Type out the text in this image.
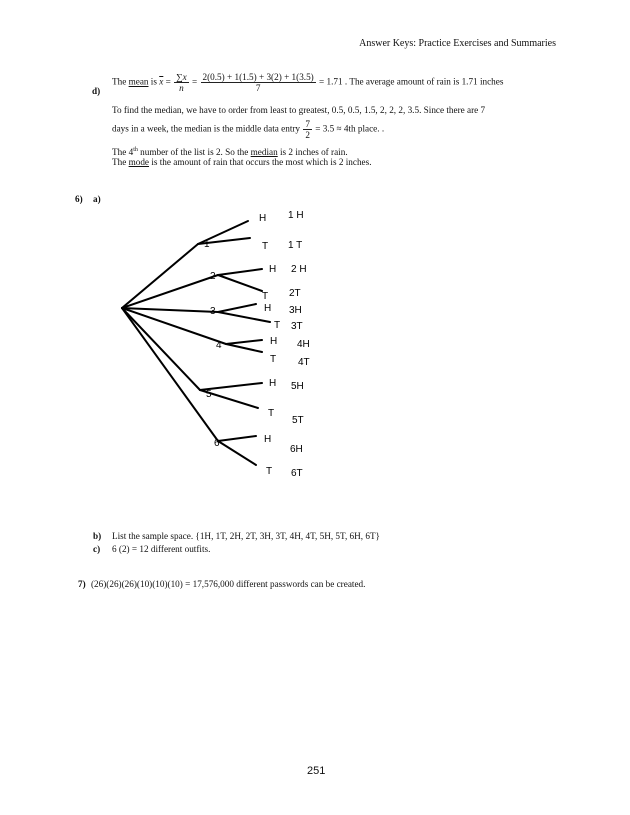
Answer Keys: Practice Exercises and Summaries
d)
The mean is $\overline{x} = \frac{\sum x}{n} = \frac{2(0.5) + 1(1.5) + 3(2) + 1(3.5)}{7} = 1.71$ . The average amount of rain is 1.71 inches
To find the median, we have to order from least to greatest, 0.5, 0.5, 1.5, 2, 2, 2, 3.5. Since there are 7
days in a week, the median is the middle data entry $\frac{7}{2} = 3.5 \approx 4th$ place. .
The 4th number of the list is 2. So the median is 2 inches of rain.
The mode is the amount of rain that occurs the most which is 2 inches.
6) a)
1
H
T
1 H
1 T
2
H
T
2 H
2T
3	H
T
3H
3T
4	H
T
4H
4T
5
H
T
5H
5T
6	H
T
6H
6T
b) List the sample space. {1H, 1T, 2H, 2T, 3H, 3T, 4H, 4T, 5H, 5T, 6H, 6T}
c) 6 (2) = 12 different outfits.
7) (26)(26)(26)(10)(10)(10) = 17,576,000 different passwords can be created.
251
